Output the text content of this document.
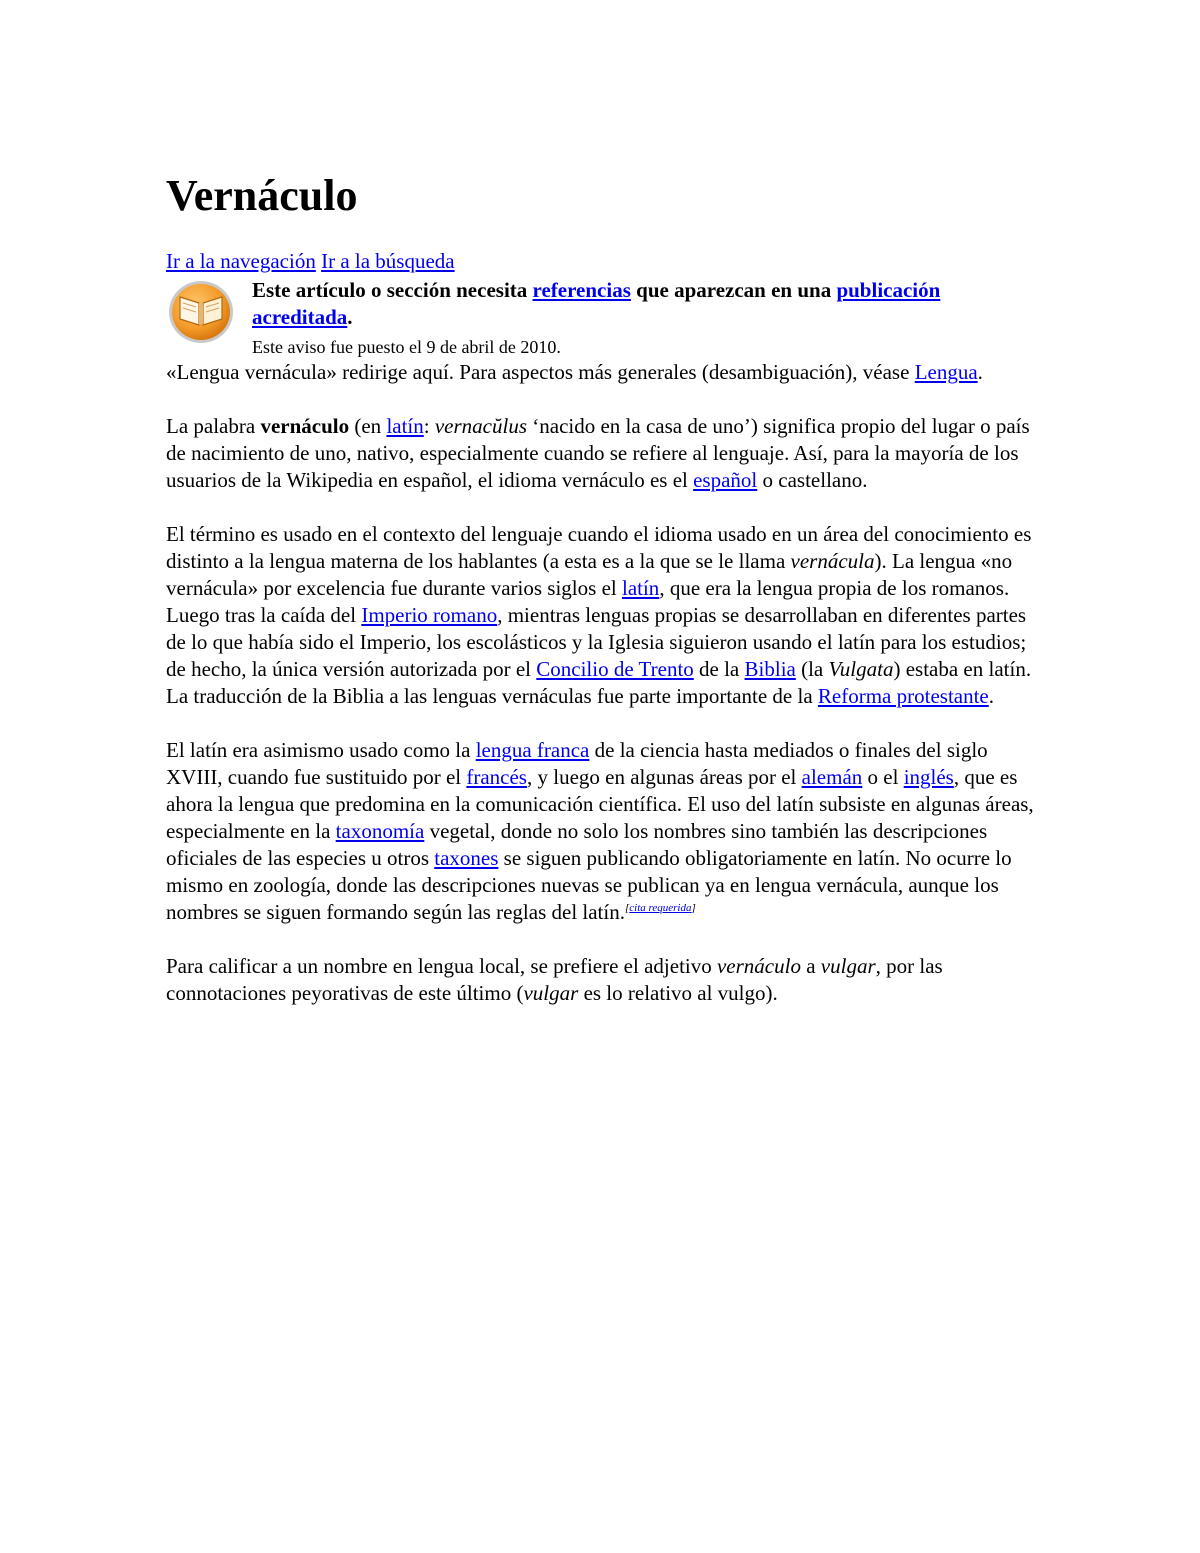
Vernáculo
Ir a la navegación Ir a la búsqueda
Este artículo o sección necesita referencias que aparezcan en una publicación acreditada.
Este aviso fue puesto el 9 de abril de 2010.

«Lengua vernácula» redirige aquí. Para aspectos más generales (desambiguación), véase Lengua.

La palabra vernáculo (en latín: vernacŭlus ‘nacido en la casa de uno’) significa propio del lugar o país de nacimiento de uno, nativo, especialmente cuando se refiere al lenguaje. Así, para la mayoría de los usuarios de la Wikipedia en español, el idioma vernáculo es el español o castellano.

El término es usado en el contexto del lenguaje cuando el idioma usado en un área del conocimiento es distinto a la lengua materna de los hablantes (a esta es a la que se le llama vernácula). La lengua «no vernácula» por excelencia fue durante varios siglos el latín, que era la lengua propia de los romanos. Luego tras la caída del Imperio romano, mientras lenguas propias se desarrollaban en diferentes partes de lo que había sido el Imperio, los escolásticos y la Iglesia siguieron usando el latín para los estudios; de hecho, la única versión autorizada por el Concilio de Trento de la Biblia (la Vulgata) estaba en latín. La traducción de la Biblia a las lenguas vernáculas fue parte importante de la Reforma protestante.

El latín era asimismo usado como la lengua franca de la ciencia hasta mediados o finales del siglo XVIII, cuando fue sustituido por el francés, y luego en algunas áreas por el alemán o el inglés, que es ahora la lengua que predomina en la comunicación científica. El uso del latín subsiste en algunas áreas, especialmente en la taxonomía vegetal, donde no solo los nombres sino también las descripciones oficiales de las especies u otros taxones se siguen publicando obligatoriamente en latín. No ocurre lo mismo en zoología, donde las descripciones nuevas se publican ya en lengua vernácula, aunque los nombres se siguen formando según las reglas del latín.[cita requerida]

Para calificar a un nombre en lengua local, se prefiere el adjetivo vernáculo a vulgar, por las connotaciones peyorativas de este último (vulgar es lo relativo al vulgo).
